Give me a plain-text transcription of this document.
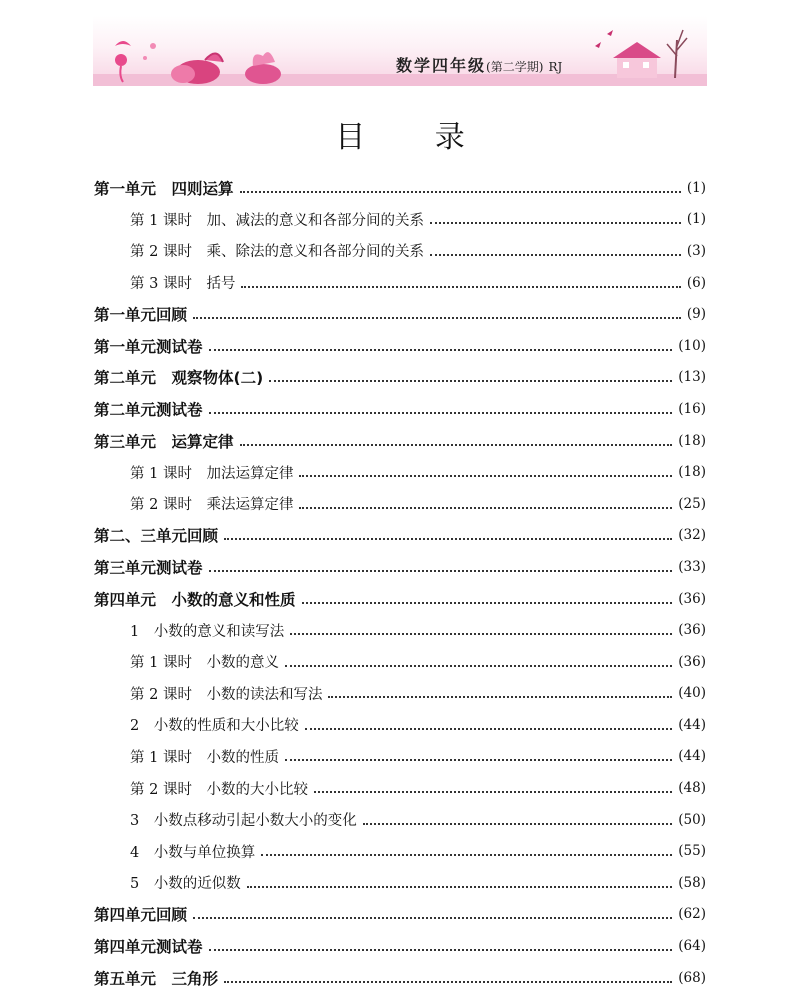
数学四年级(第二学期) RJ
目 录
第一单元　四则运算	(1)
第 1 课时　加、减法的意义和各部分间的关系	(1)
第 2 课时　乘、除法的意义和各部分间的关系	(3)
第 3 课时　括号	(6)
第一单元回顾	(9)
第一单元测试卷	(10)
第二单元　观察物体(二)	(13)
第二单元测试卷	(16)
第三单元　运算定律	(18)
第 1 课时　加法运算定律	(18)
第 2 课时　乘法运算定律	(25)
第二、三单元回顾	(32)
第三单元测试卷	(33)
第四单元　小数的意义和性质	(36)
1　小数的意义和读写法	(36)
第 1 课时　小数的意义	(36)
第 2 课时　小数的读法和写法	(40)
2　小数的性质和大小比较	(44)
第 1 课时　小数的性质	(44)
第 2 课时　小数的大小比较	(48)
3　小数点移动引起小数大小的变化	(50)
4　小数与单位换算	(55)
5　小数的近似数	(58)
第四单元回顾	(62)
第四单元测试卷	(64)
第五单元　三角形	(68)
